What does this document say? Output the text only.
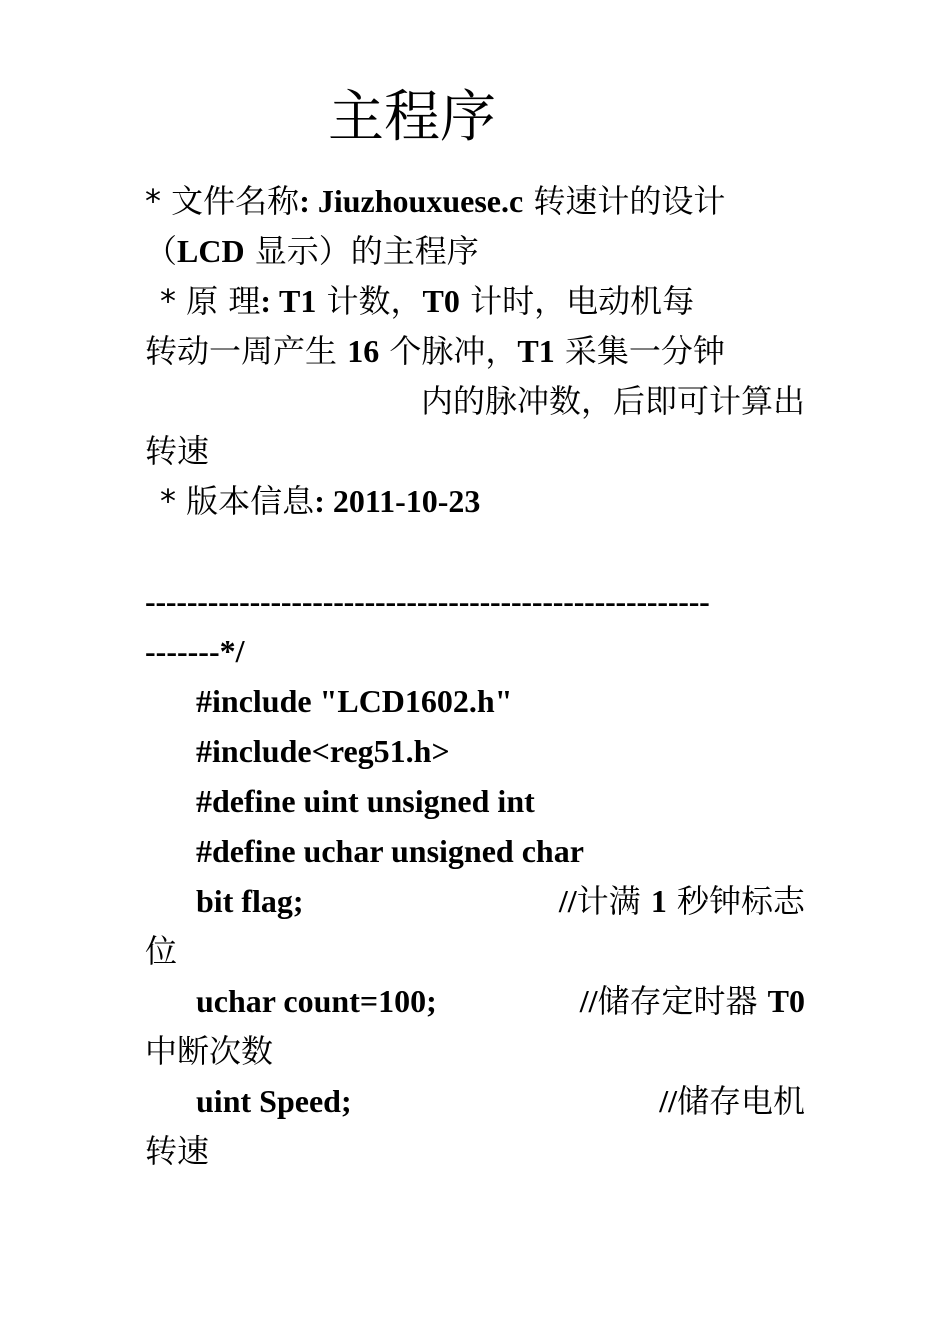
主程序
* 文件名称: Jiuzhouxuese.c 转速计的设计
（LCD 显示）的主程序
* 原 理: T1 计数，T0 计时，电动机每
转动一周产生 16 个脉冲，T1 采集一分钟
内的脉冲数，后即可计算出
转速
* 版本信息: 2011-10-23
------------------------------------------------------
-------*/
#include "LCD1602.h"
#include<reg51.h>
#define uint unsigned int
#define uchar unsigned char
bit flag;	//计满 1 秒钟标志
位
uchar count=100;	//储存定时器 T0
中断次数
uint Speed;	//储存电机
转速
